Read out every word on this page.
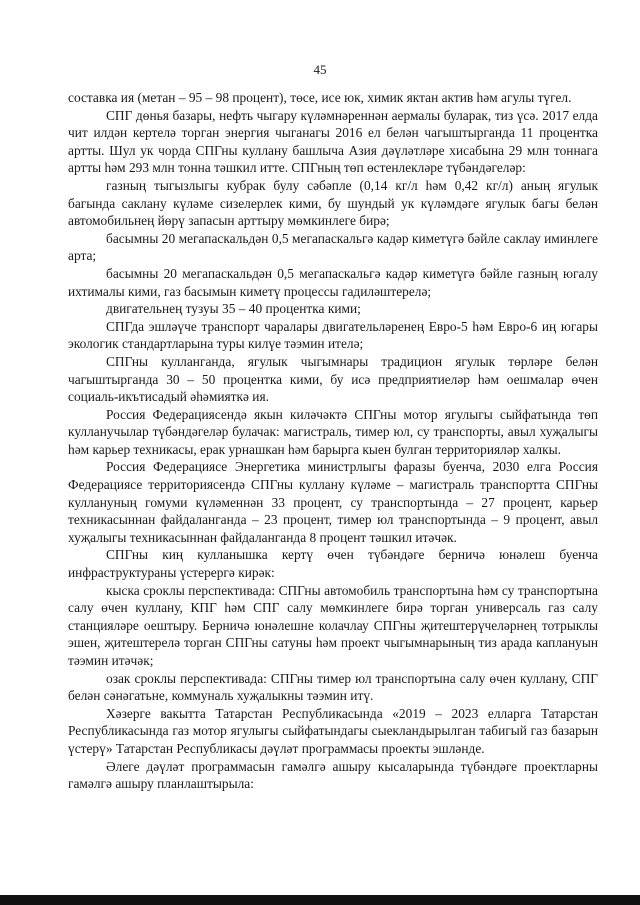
45

составка ия (метан – 95 – 98 процент), төсе, исе юк, химик яктан актив һәм агулы түгел.

СПГ дөнья базары, нефть чыгару күләмнәреннән аермалы буларак, тиз үсә. 2017 елда чит илдән кертелә торган энергия чыганагы 2016 ел белән чагыштырганда 11 процентка артты. Шул ук чорда СПГны куллану башлыча Азия дәүләтләре хисабына 29 млн тоннага артты һәм 293 млн тонна тәшкил итте. СПГның төп өстенлекләре түбәндәгеләр:

газның тыгызлыгы кубрак булу сәбәпле (0,14 кг/л һәм 0,42 кг/л) аның ягулык багында саклану күләме сизелерлек кими, бу шундый ук күләмдәге ягулык багы белән автомобильнең йөрү запасын арттыру мөмкинлеге бирә;

басымны 20 мегапаскальдән 0,5 мегапаскальгә кадәр киметүгә бәйле саклау иминлеге арта;

басымны 20 мегапаскальдән 0,5 мегапаскальгә кадәр киметүгә бәйле газның югалу ихтималы кими, газ басымын киметү процессы гадиләштерелә;

двигательнең тузуы 35 – 40 процентка кими;

СПГда эшләүче транспорт чаралары двигательләренең Евро-5 һәм Евро-6 иң югары экологик стандартларына туры килүе тәэмин ителә;

СПГны кулланганда, ягулык чыгымнары традицион ягулык төрләре белән чагыштырганда 30 – 50 процентка кими, бу исә предприятиеләр һәм оешмалар өчен социаль-икътисадый әһәмияткә ия.

Россия Федерациясендә якын киләчәктә СПГны мотор ягулыгы сыйфатында төп кулланучылар түбәндәгеләр булачак: магистраль, тимер юл, су транспорты, авыл хуҗалыгы һәм карьер техникасы, ерак урнашкан һәм барырга кыен булган территорияләр халкы.

Россия Федерациясе Энергетика министрлыгы фаразы буенча, 2030 елга Россия Федерациясе территориясендә СПГны куллану күләме – магистраль транспортта СПГны куллануның гомуми күләменнән 33 процент, су транспортында – 27 процент, карьер техникасыннан файдаланганда – 23 процент, тимер юл транспортында – 9 процент, авыл хуҗалыгы техникасыннан файдаланганда 8 процент тәшкил итәчәк.

СПГны киң кулланышка кертү өчен түбәндәге берничә юнәлеш буенча инфраструктураны үстерергә кирәк:

кыска сроклы перспективада: СПГны автомобиль транспортына һәм су транспортына салу өчен куллану, КПГ һәм СПГ салу мөмкинлеге бирә торган универсаль газ салу станцияләре оештыру. Берничә юнәлешне колачлау СПГны җитештерүчеләрнең тотрыклы эшен, җитештерелә торган СПГны сатуны һәм проект чыгымнарының тиз арада каплануын тәэмин итәчәк;

озак сроклы перспективада: СПГны тимер юл транспортына салу өчен куллану, СПГ белән сәнәгатьне, коммуналь хуҗалыкны тәэмин итү.

Хәзерге вакытта Татарстан Республикасында «2019 – 2023 елларга Татарстан Республикасында газ мотор ягулыгы сыйфатындагы сыекландырылган табигый газ базарын үстерү» Татарстан Республикасы дәүләт программасы проекты эшләнде.

Әлеге дәүләт программасын гамәлгә ашыру кысаларында түбәндәге проектларны гамәлгә ашыру планлаштырыла:
